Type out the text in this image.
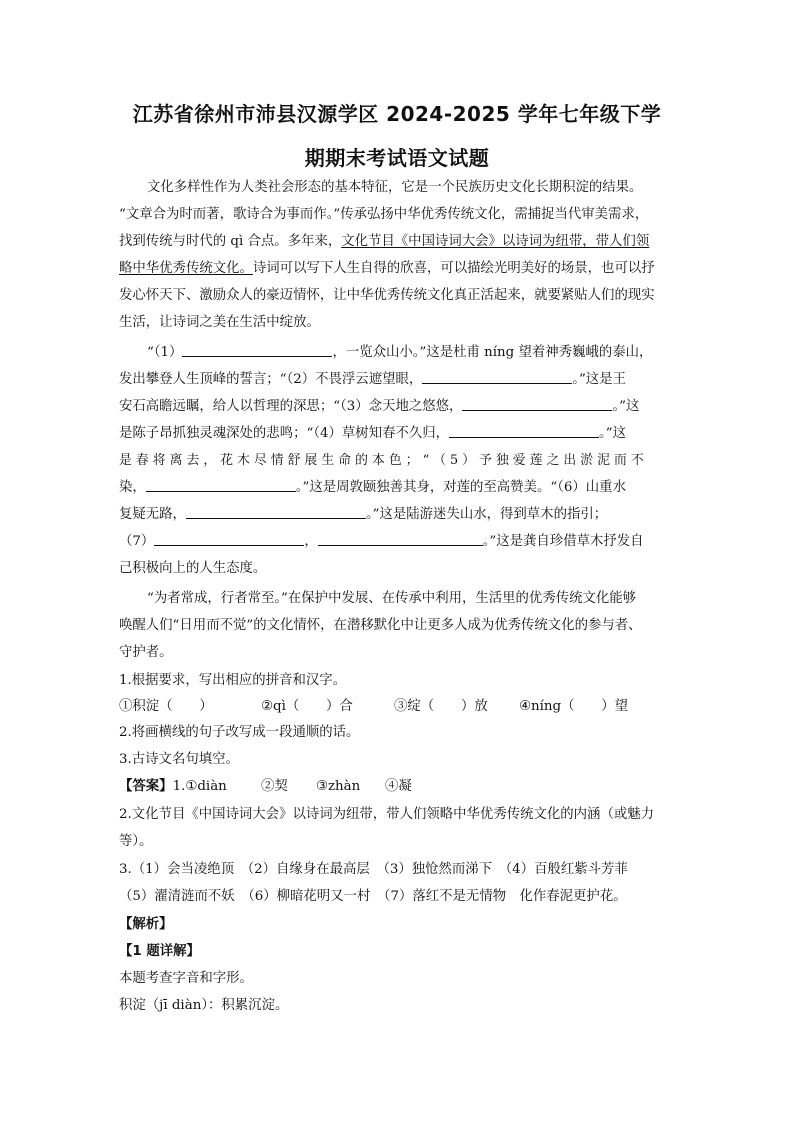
江苏省徐州市沛县汉源学区 2024-2025 学年七年级下学
期期末考试语文试题
文化多样性作为人类社会形态的基本特征，它是一个民族历史文化长期积淀的结果。
“文章合为时而著，歌诗合为事而作。”传承弘扬中华优秀传统文化，需捕捉当代审美需求，
找到传统与时代的 qì 合点。多年来，文化节目《中国诗词大会》以诗词为纽带，带人们领
略中华优秀传统文化。诗词可以写下人生自得的欣喜，可以描绘光明美好的场景，也可以抒
发心怀天下、激励众人的豪迈情怀，让中华优秀传统文化真正活起来，就要紧贴人们的现实
生活，让诗词之美在生活中绽放。
“（1）	，一览众山小。”这是杜甫 níng 望着神秀巍峨的泰山，
发出攀登人生顶峰的誓言；“（2）不畏浮云遮望眼，	。”这是王
安石高瞻远瞩，给人以哲理的深思；“（3）念天地之悠悠，	。”这
是陈子昂抓独灵魂深处的悲鸣；“（4）草树知春不久归，	。”这
是 春 将 离 去 ， 花 木 尽 情 舒 展 生 命 的 本 色 ； “ （ 5 ） 予 独 爱 莲 之 出 淤 泥 而 不
染，	。”这是周敦颐独善其身，对莲的至高赞美。“（6）山重水
复疑无路，	。”这是陆游迷失山水，得到草木的指引；
（7）	，	。”这是龚自珍借草木抒发自
己积极向上的人生态度。
“为者常成，行者常至。”在保护中发展、在传承中利用，生活里的优秀传统文化能够
唤醒人们“日用而不觉”的文化情怀，在潜移默化中让更多人成为优秀传统文化的参与者、
守护者。
1.根据要求，写出相应的拼音和汉字。
①积淀（　　）	②qì（　　）合	③绽（　　）放 ④níng（　　）望
2.将画横线的句子改写成一段通顺的话。
3.古诗文名句填空。
【答案】1.①diàn	②契 ③zhàn ④凝
2.文化节目《中国诗词大会》以诗词为纽带，带人们领略中华优秀传统文化的内涵（或魅力
等）。
3.（1）会当凌绝顶　（2）自缘身在最高层　（3）独怆然而涕下　（4）百般红紫斗芳菲
（5）濯清涟而不妖　（6）柳暗花明又一村　（7）落红不是无情物　化作春泥更护花。
【解析】
【1 题详解】
本题考查字音和字形。
积淀（jī diàn）：积累沉淀。
